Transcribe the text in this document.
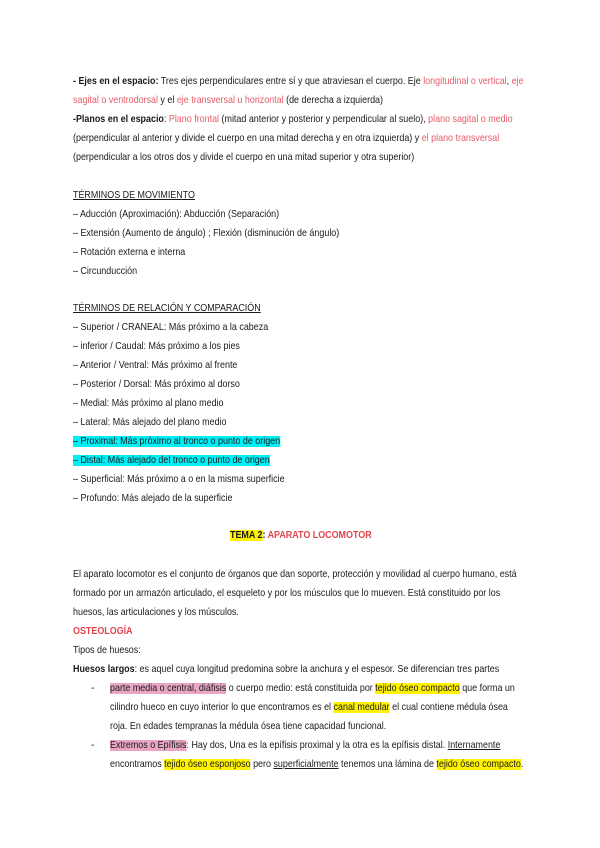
- Ejes en el espacio: Tres ejes perpendiculares entre sí y que atraviesan el cuerpo. Eje longitudinal o vertical, eje
sagital o ventrodorsal y el eje transversal u horizontal (de derecha a izquierda)
-Planos en el espacio: Plano frontal (mitad anterior y posterior y perpendicular al suelo), plano sagital o medio
(perpendicular al anterior y divide el cuerpo en una mitad derecha y en otra izquierda) y el plano transversal
(perpendicular a los otros dos y divide el cuerpo en una mitad superior y otra superior)
TÉRMINOS DE MOVIMIENTO
– Aducción (Aproximación): Abducción (Separación)
– Extensión (Aumento de ángulo) ; Flexión (disminución de ángulo)
– Rotación externa e interna
– Circunducción
TÉRMINOS DE RELACIÓN Y COMPARACIÓN
– Superior / CRANEAL: Más próximo a la cabeza
– inferior / Caudal: Más próximo a los pies
– Anterior / Ventral: Más próximo al frente
– Posterior / Dorsal: Más próximo al dorso
– Medial: Más próximo al plano medio
– Lateral: Más alejado del plano medio
– Proximal: Más próximo al tronco o punto de origen
– Distal: Más alejado del tronco o punto de origen
– Superficial: Más próximo a o en la misma superficie
– Profundo: Más alejado de la superficie
TEMA 2: APARATO LOCOMOTOR
El aparato locomotor es el conjunto de órganos que dan soporte, protección y movilidad al cuerpo humano, está
formado por un armazón articulado, el esqueleto y por los músculos que lo mueven. Está constituido por los
huesos, las articulaciones y los músculos.
OSTEOLOGÍA
Tipos de huesos:
Huesos largos: es aquel cuya longitud predomina sobre la anchura y el espesor. Se diferencian tres partes
-
-
parte media o central, diáfisis o cuerpo medio: está constituida por tejido óseo compacto que forma un
cilindro hueco en cuyo interior lo que encontramos es el canal medular el cual contiene médula ósea
roja. En edades tempranas la médula ósea tiene capacidad funcional.
Extremos o Epífisis: Hay dos, Una es la epífisis proximal y la otra es la epífisis distal. Internamente
encontramos tejido óseo esponjoso pero superficialmente tenemos una lámina de tejido óseo compacto.
